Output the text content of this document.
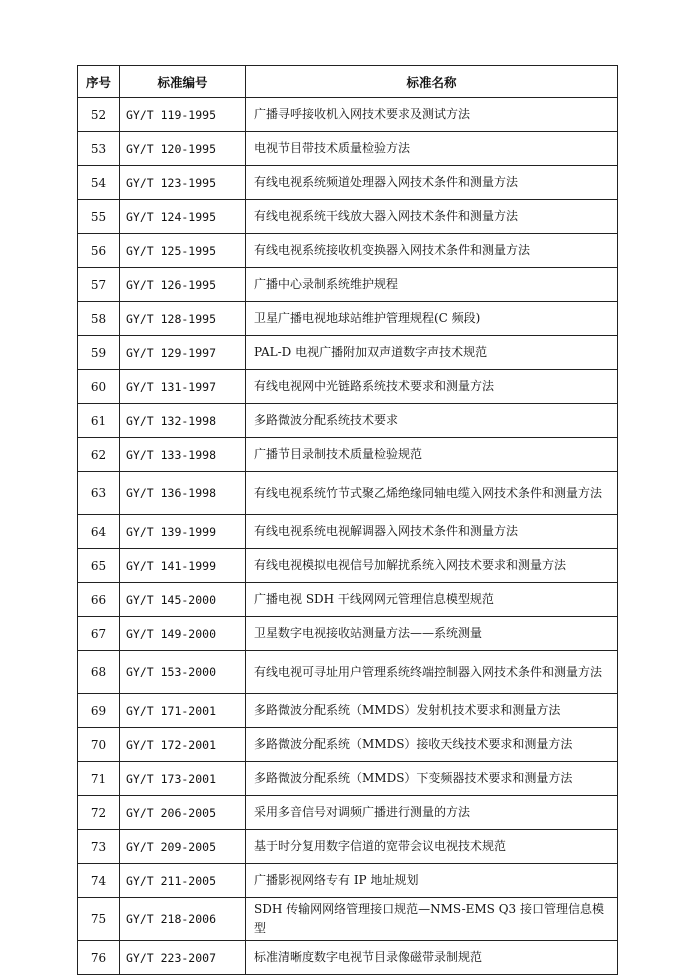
序号	标准编号	标准名称
52	GY/T 119-1995	广播寻呼接收机入网技术要求及测试方法
53	GY/T 120-1995	电视节目带技术质量检验方法
54	GY/T 123-1995	有线电视系统频道处理器入网技术条件和测量方法
55	GY/T 124-1995	有线电视系统干线放大器入网技术条件和测量方法
56	GY/T 125-1995	有线电视系统接收机变换器入网技术条件和测量方法
57	GY/T 126-1995	广播中心录制系统维护规程
58	GY/T 128-1995	卫星广播电视地球站维护管理规程(C 频段)
59	GY/T 129-1997	PAL-D 电视广播附加双声道数字声技术规范
60	GY/T 131-1997	有线电视网中光链路系统技术要求和测量方法
61	GY/T 132-1998	多路微波分配系统技术要求
62	GY/T 133-1998	广播节目录制技术质量检验规范
63	GY/T 136-1998	有线电视系统竹节式聚乙烯绝缘同轴电缆入网技术条件和测量方法
64	GY/T 139-1999	有线电视系统电视解调器入网技术条件和测量方法
65	GY/T 141-1999	有线电视模拟电视信号加解扰系统入网技术要求和测量方法
66	GY/T 145-2000	广播电视 SDH 干线网网元管理信息模型规范
67	GY/T 149-2000	卫星数字电视接收站测量方法——系统测量
68	GY/T 153-2000	有线电视可寻址用户管理系统终端控制器入网技术条件和测量方法
69	GY/T 171-2001	多路微波分配系统（MMDS）发射机技术要求和测量方法
70	GY/T 172-2001	多路微波分配系统（MMDS）接收天线技术要求和测量方法
71	GY/T 173-2001	多路微波分配系统（MMDS）下变频器技术要求和测量方法
72	GY/T 206-2005	采用多音信号对调频广播进行测量的方法
73	GY/T 209-2005	基于时分复用数字信道的宽带会议电视技术规范
74	GY/T 211-2005	广播影视网络专有 IP 地址规划
75	GY/T 218-2006	SDH 传输网网络管理接口规范—NMS-EMS Q3 接口管理信息模型
76	GY/T 223-2007	标准清晰度数字电视节目录像磁带录制规范
